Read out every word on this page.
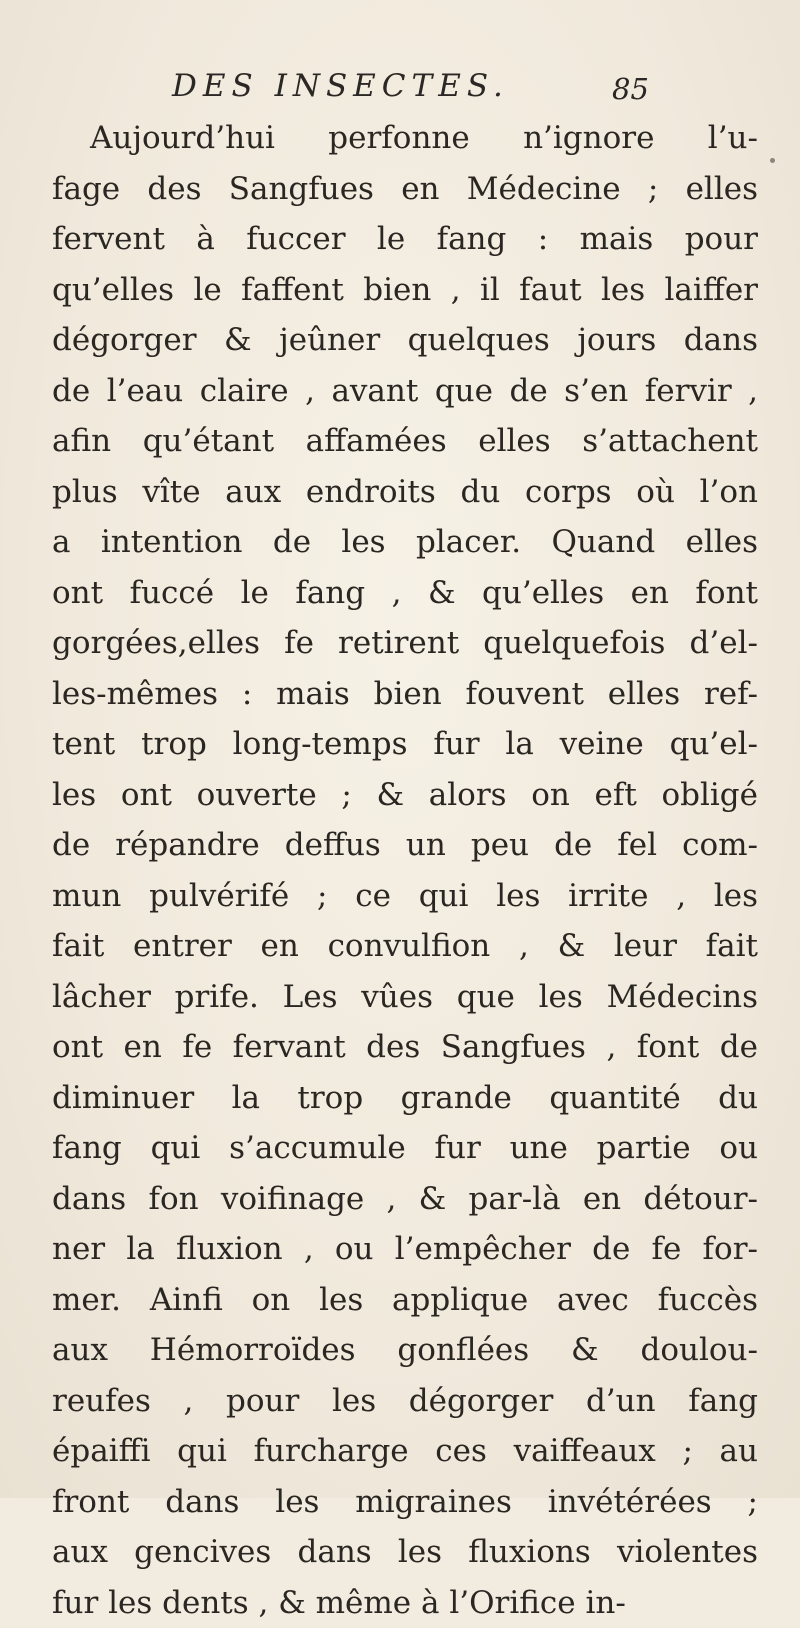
DES INSECTES.	85
Aujourd’hui perfonne n’ignore l’u-
fage des Sangfues en Médecine ; elles
fervent à fuccer le fang : mais pour
qu’elles le faffent bien , il faut les laiffer
dégorger & jeûner quelques jours dans
de l’eau claire , avant que de s’en fervir ,
afin qu’étant affamées elles s’attachent
plus vîte aux endroits du corps où l’on
a intention de les placer. Quand elles
ont fuccé le fang , & qu’elles en font
gorgées,elles fe retirent quelquefois d’el-
les-mêmes : mais bien fouvent elles ref-
tent trop long-temps fur la veine qu’el-
les ont ouverte ; & alors on eft obligé
de répandre deffus un peu de fel com-
mun pulvérifé ; ce qui les irrite , les
fait entrer en convulfion , & leur fait
lâcher prife. Les vûes que les Médecins
ont en fe fervant des Sangfues , font de
diminuer la trop grande quantité du
fang qui s’accumule fur une partie ou
dans fon voifinage , & par-là en détour-
ner la fluxion , ou l’empêcher de fe for-
mer. Ainfi on les applique avec fuccès
aux Hémorroïdes gonflées & doulou-
reufes , pour les dégorger d’un fang
épaiffi qui furcharge ces vaiffeaux ; au
front dans les migraines invétérées ;
aux gencives dans les fluxions violentes
fur les dents , & même à l’Orifice in-
